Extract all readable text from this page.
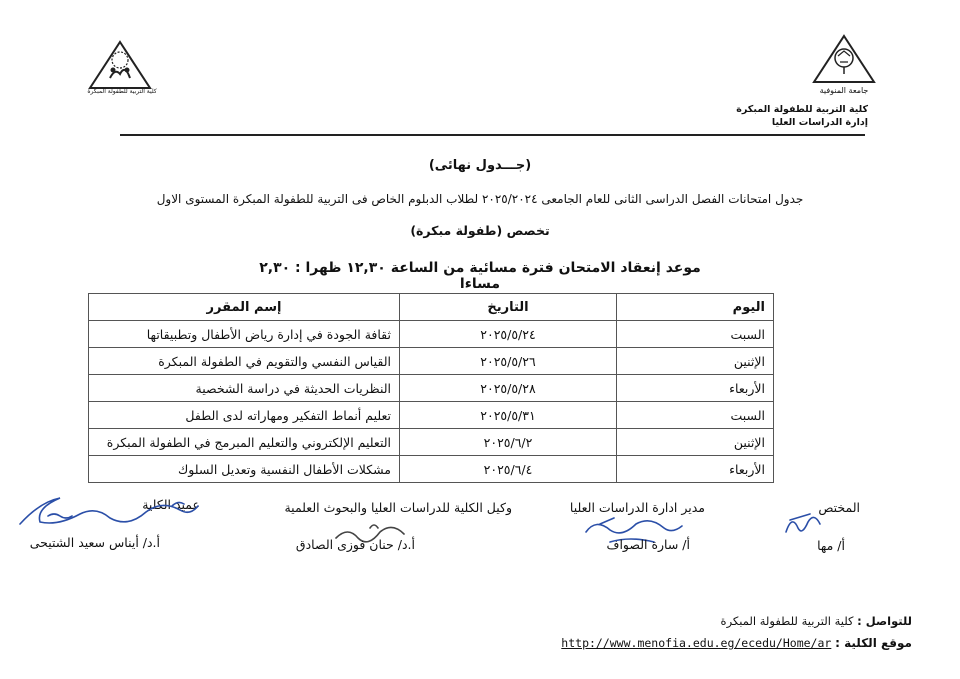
جامعة المنوفية
كلية التربية للطفولة المبكرة
كلية التربية للطفولة المبكرة
إدارة الدراسات العليا
(جـــدول نهائى)
جدول امتحانات الفصل الدراسى الثانى للعام الجامعى ٢٠٢٥/٢٠٢٤ لطلاب الدبلوم الخاص فى التربية للطفولة المبكرة المستوى الاول
تخصص (طفولة مبكرة)
موعد إنعقاد الامتحان فترة مسائية من الساعة ١٢,٣٠ ظهرا : ٢,٣٠ مساءا
اليوم	التاريخ	إسم المقرر
السبت	٢٠٢٥/٥/٢٤	ثقافة الجودة في إدارة رياض الأطفال وتطبيقاتها
الإثنين	٢٠٢٥/٥/٢٦	القياس النفسي والتقويم في الطفولة المبكرة
الأربعاء	٢٠٢٥/٥/٢٨	النظريات الحديثة في دراسة الشخصية
السبت	٢٠٢٥/٥/٣١	تعليم أنماط التفكير ومهاراته لدى الطفل
الإثنين	٢٠٢٥/٦/٢	التعليم الإلكتروني والتعليم المبرمج في الطفولة المبكرة
الأربعاء	٢٠٢٥/٦/٤	مشكلات الأطفال النفسية وتعديل السلوك
المختص
مدير ادارة الدراسات العليا
وكيل الكلية للدراسات العليا والبحوث العلمية
عميد الكلية
أ/ مها
أ/ سارة الصواف
أ.د/ حنان فوزى الصادق
أ.د/ أيناس سعيد الشتيحى
للتواصل : كلية التربية للطفولة المبكرة
موقع الكلية : http://www.menofia.edu.eg/ecedu/Home/ar
